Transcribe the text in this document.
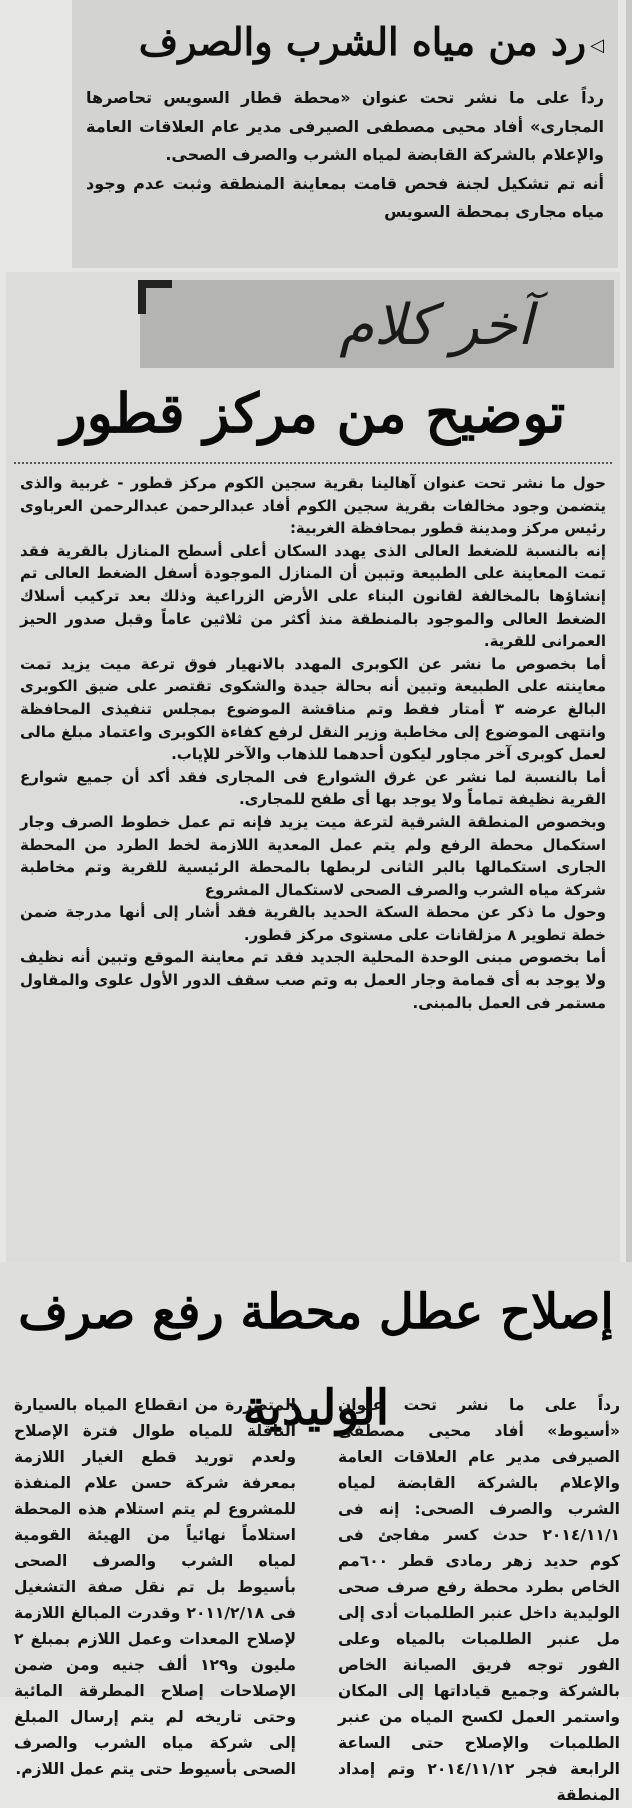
◁رد من مياه الشرب والصرف

رداً على ما نشر تحت عنوان «محطة قطار السويس تحاصرها المجارى» أفاد محيى مصطفى الصيرفى مدير عام العلاقات العامة والإعلام بالشركة القابضة لمياه الشرب والصرف الصحى.

أنه تم تشكيل لجنة فحص قامت بمعاينة المنطقة وثبت عدم وجود مياه مجارى بمحطة السويس

آخر كلام
توضيح من مركز قطور

حول ما نشر تحت عنوان آهالينا بقرية سجين الكوم مركز قطور - غربية والذى يتضمن وجود مخالفات بقرية سجين الكوم أفاد عبدالرحمن عبدالرحمن العرباوى رئيس مركز ومدينة قطور بمحافظة الغربية:

إنه بالنسبة للضغط العالى الذى يهدد السكان أعلى أسطح المنازل بالقرية فقد تمت المعاينة على الطبيعة وتبين أن المنازل الموجودة أسفل الضغط العالى تم إنشاؤها بالمخالفة لقانون البناء على الأرض الزراعية وذلك بعد تركيب أسلاك الضغط العالى والموجود بالمنطقة منذ أكثر من ثلاثين عاماً وقبل صدور الحيز العمرانى للقرية.

أما بخصوص ما نشر عن الكوبرى المهدد بالانهيار فوق ترعة ميت يزيد تمت معاينته على الطبيعة وتبين أنه بحالة جيدة والشكوى تقتصر على ضيق الكوبرى البالغ عرضه ٣ أمتار فقط وتم مناقشة الموضوع بمجلس تنفيذى المحافظة وانتهى الموضوع إلى مخاطبة وزير النقل لرفع كفاءة الكوبرى واعتماد مبلغ مالى لعمل كوبرى آخر مجاور ليكون أحدهما للذهاب والآخر للإياب.

أما بالنسبة لما نشر عن غرق الشوارع فى المجارى فقد أكد أن جميع شوارع القرية نظيفة تماماً ولا يوجد بها أى طفح للمجارى.

وبخصوص المنطقة الشرقية لترعة ميت يزيد فإنه تم عمل خطوط الصرف وجار استكمال محطة الرفع ولم يتم عمل المعدية اللازمة لخط الطرد من المحطة الجارى استكمالها بالبر الثانى لربطها بالمحطة الرئيسية للقرية وتم مخاطبة شركة مياه الشرب والصرف الصحى لاستكمال المشروع

وحول ما ذكر عن محطة السكة الحديد بالقرية فقد أشار إلى أنها مدرجة ضمن خطة تطوير ٨ مزلقانات على مستوى مركز قطور.

أما بخصوص مبنى الوحدة المحلية الجديد فقد تم معاينة الموقع وتبين أنه نظيف ولا يوجد به أى قمامة وجار العمل به وتم صب سقف الدور الأول علوى والمقاول مستمر فى العمل بالمبنى.

إصلاح عطل محطة رفع صرف الوليدية

رداً على ما نشر تحت عنوان «أسيوط» أفاد محيى مصطفى الصيرفى مدير عام العلاقات العامة والإعلام بالشركة القابضة لمياه الشرب والصرف الصحى: إنه فى ٢٠١٤/١١/١ حدث كسر مفاجئ فى كوم حديد زهر رمادى قطر ٦٠٠مم الخاص بطرد محطة رفع صرف صحى الوليدية داخل عنبر الطلمبات أدى إلى مل عنبر الطلمبات بالمياه وعلى الفور توجه فريق الصيانة الخاص بالشركة وجميع قياداتها إلى المكان واستمر العمل لكسح المياه من عنبر الطلمبات والإصلاح حتى الساعة الرابعة فجر ٢٠١٤/١١/١٢ وتم إمداد المنطقة

المتضررة من انقطاع المياه بالسيارة الناقلة للمياه طوال فترة الإصلاح ولعدم توريد قطع الغيار اللازمة بمعرفة شركة حسن علام المنفذة للمشروع لم يتم استلام هذه المحطة استلاماً نهائياً من الهيئة القومية لمياه الشرب والصرف الصحى بأسيوط بل تم نقل صفة التشغيل فى ٢٠١١/٢/١٨ وقدرت المبالغ اللازمة لإصلاح المعدات وعمل اللازم بمبلغ ٢ مليون و١٢٩ ألف جنيه ومن ضمن الإصلاحات إصلاح المطرقة المائية وحتى تاريخه لم يتم إرسال المبلغ إلى شركة مياه الشرب والصرف الصحى بأسيوط حتى يتم عمل اللازم.
